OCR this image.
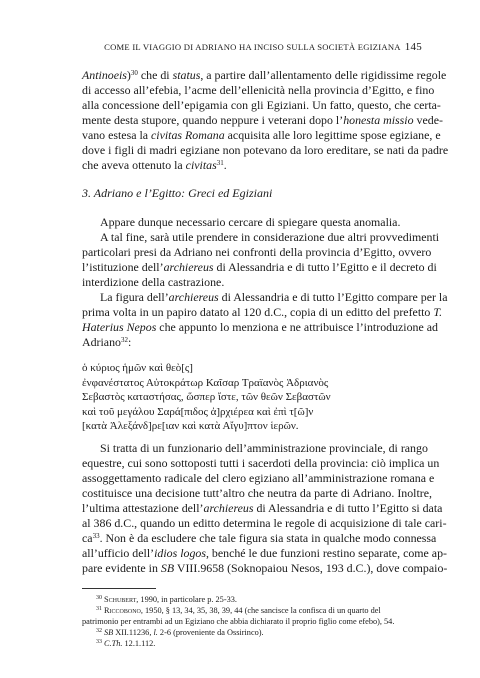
COME IL VIAGGIO DI ADRIANO HA INCISO SULLA SOCIETÀ EGIZIANA 145
Antinoeis)$^{30}$ che di status, a partire dall’allentamento delle rigidissime regole
di accesso all’efebia, l’acme dell’ellenicità nella provincia d’Egitto, e fino
alla concessione dell’epigamia con gli Egiziani. Un fatto, questo, che certa-
mente desta stupore, quando neppure i veterani dopo l’honesta missio vede-
vano estesa la civitas Romana acquisita alle loro legittime spose egiziane, e
dove i figli di madri egiziane non potevano da loro ereditare, se nati da padre
che aveva ottenuto la civitas$^{31}$.
3. Adriano e l’Egitto: Greci ed Egiziani
Appare dunque necessario cercare di spiegare questa anomalia.
A tal fine, sarà utile prendere in considerazione due altri provvedimenti
particolari presi da Adriano nei confronti della provincia d’Egitto, ovvero
l’istituzione dell’archiereus di Alessandria e di tutto l’Egitto e il decreto di
interdizione della castrazione.
La figura dell’archiereus di Alessandria e di tutto l’Egitto compare per la
prima volta in un papiro datato al 120 d.C., copia di un editto del prefetto T.
Haterius Nepos che appunto lo menziona e ne attribuisce l’introduzione ad
Adriano$^{32}$:
ὁ κύριος ἡμῶν καὶ θεὸ[ς]
ἐνφανέστατος Αὐτοκράτωρ Καῖσαρ Τραϊανὸς Ἁδριανὸς
Σεβαστὸς καταστήσας, ὥσπερ ἴστε, τῶν θεῶν Σεβαστῶν
καὶ τοῦ μεγάλου Σαρά[πιδος ἀ]ρχιέρεα καὶ ἐπὶ τ[ῶ]ν
[κατὰ Ἀλεξάνδ]ρε[ιαν καὶ κατὰ Αἴγυ]πτον ἱερῶν.
Si tratta di un funzionario dell’amministrazione provinciale, di rango
equestre, cui sono sottoposti tutti i sacerdoti della provincia: ciò implica un
assoggettamento radicale del clero egiziano all’amministrazione romana e
costituisce una decisione tutt’altro che neutra da parte di Adriano. Inoltre,
l’ultima attestazione dell’archiereus di Alessandria e di tutto l’Egitto si data
al 386 d.C., quando un editto determina le regole di acquisizione di tale cari-
$ca^{33}$. Non è da escludere che tale figura sia stata in qualche modo connessa
all’ufficio dell’idios logos, benché le due funzioni restino separate, come ap-
pare evidente in SB VIII.9658 (Soknopaiou Nesos, 193 d.C.), dove compaio-
$^{30}$ Schubert, 1990, in particolare p. 25-33.
$^{31}$ Riccobono, 1950, § 13, 34, 35, 38, 39, 44 (che sancisce la confisca di un quarto del
patrimonio per entrambi ad un Egiziano che abbia dichiarato il proprio figlio come efebo), 54.
$^{32}$ SB XII.11236, l. 2-6 (proveniente da Ossirinco).
$^{33}$ C.Th. 12.1.112.
